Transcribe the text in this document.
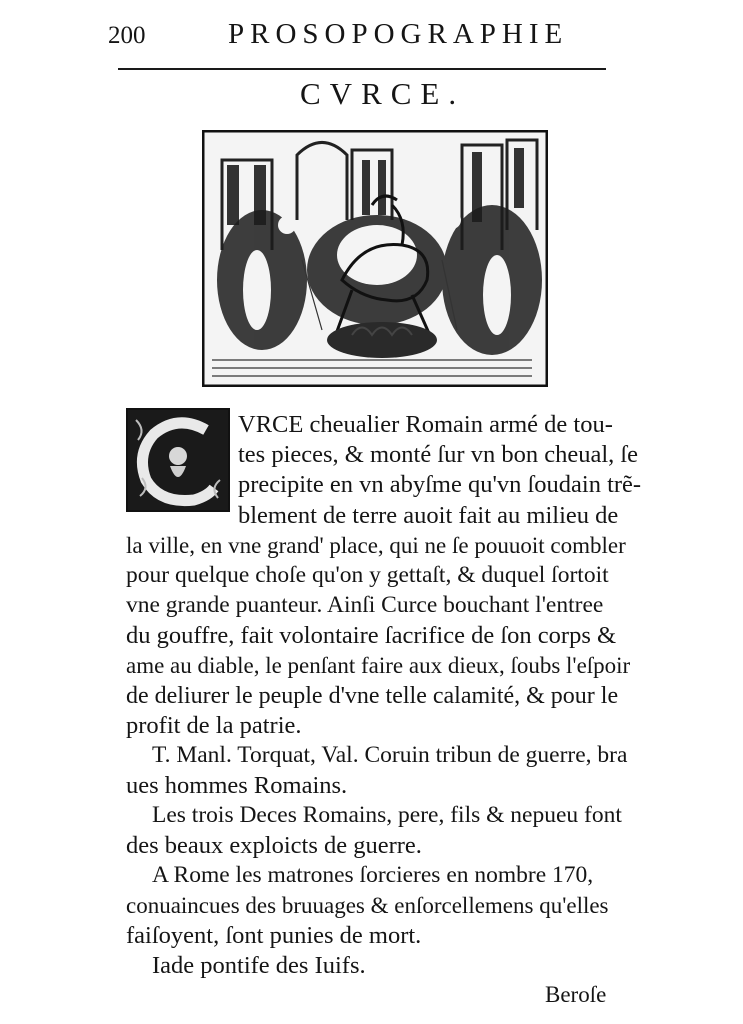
200	PROSOPOGRAPHIE
CVRCE.
VRCE cheualier Romain armé de tou-
tes pieces, & monté ſur vn bon cheual, ſe
precipite en vn abyſme qu'vn ſoudain trẽ-
blement de terre auoit fait au milieu de
la ville, en vne grand' place, qui ne ſe pouuoit combler
pour quelque choſe qu'on y gettaſt, & duquel ſortoit
vne grande puanteur. Ainſi Curce bouchant l'entree
du gouffre, fait volontaire ſacrifice de ſon corps &
ame au diable, le penſant faire aux dieux, ſoubs l'eſpoir
de deliurer le peuple d'vne telle calamité, & pour le
profit de la patrie.
T. Manl. Torquat, Val. Coruin tribun de guerre, bra
ues hommes Romains.
Les trois Deces Romains, pere, fils & nepueu font
des beaux exploicts de guerre.
A Rome les matrones ſorcieres en nombre 170,
conuaincues des bruuages & enſorcellemens qu'elles
faiſoyent, ſont punies de mort.
Iade pontife des Iuifs.
Beroſe
